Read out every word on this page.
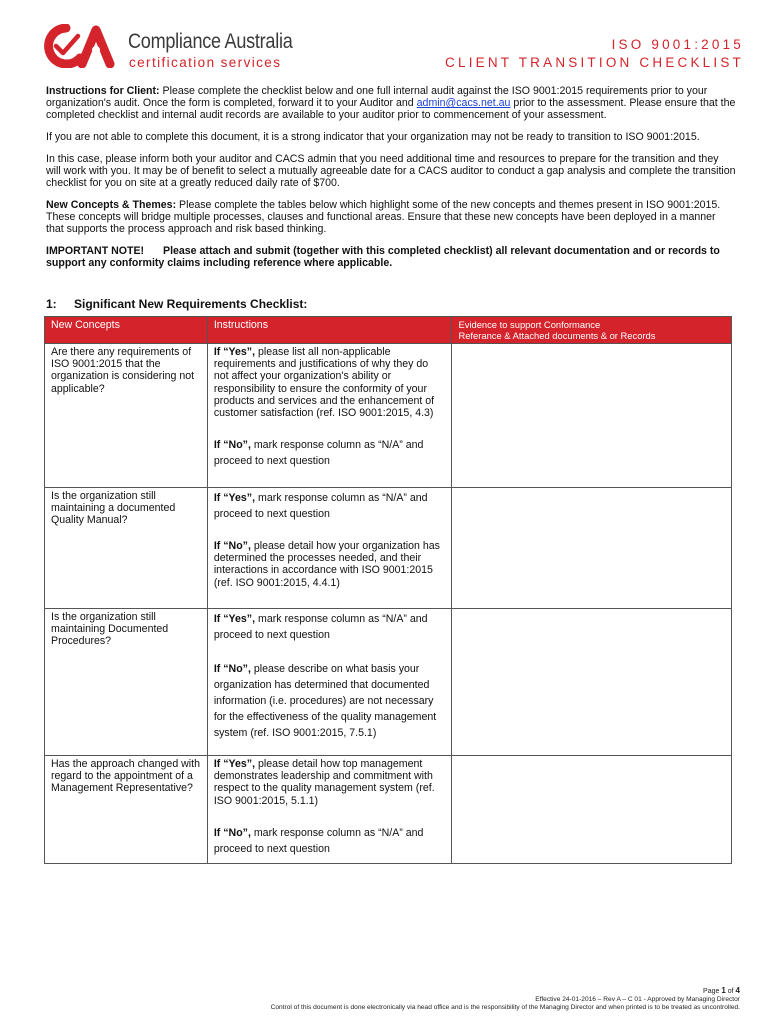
Compliance Australia
certification services
ISO 9001:2015
CLIENT TRANSITION CHECKLIST

Instructions for Client: Please complete the checklist below and one full internal audit against the ISO 9001:2015 requirements prior to your organization's audit. Once the form is completed, forward it to your Auditor and admin@cacs.net.au prior to the assessment. Please ensure that the completed checklist and internal audit records are available to your auditor prior to commencement of your assessment.

If you are not able to complete this document, it is a strong indicator that your organization may not be ready to transition to ISO 9001:2015.

In this case, please inform both your auditor and CACS admin that you need additional time and resources to prepare for the transition and they will work with you. It may be of benefit to select a mutually agreeable date for a CACS auditor to conduct a gap analysis and complete the transition checklist for you on site at a greatly reduced daily rate of $700.

New Concepts & Themes: Please complete the tables below which highlight some of the new concepts and themes present in ISO 9001:2015. These concepts will bridge multiple processes, clauses and functional areas. Ensure that these new concepts have been deployed in a manner that supports the process approach and risk based thinking.

IMPORTANT NOTE! Please attach and submit (together with this completed checklist) all relevant documentation and or records to support any conformity claims including reference where applicable.

1: Significant New Requirements Checklist:
New Concepts	Instructions	Evidence to support Conformance
Referance & Attached documents & or Records

Are there any requirements of ISO 9001:2015 that the organization is considering not applicable?	If “Yes”, please list all non-applicable requirements and justifications of why they do not affect your organization's ability or responsibility to ensure the conformity of your products and services and the enhancement of customer satisfaction (ref. ISO 9001:2015, 4.3)

If “No”, mark response column as “N/A” and proceed to next question	

Is the organization still maintaining a documented Quality Manual?	If “Yes”, mark response column as “N/A” and proceed to next question

If “No”, please detail how your organization has determined the processes needed, and their interactions in accordance with ISO 9001:2015 (ref. ISO 9001:2015, 4.4.1)	

Is the organization still maintaining Documented Procedures?	If “Yes”, mark response column as “N/A” and proceed to next question

If “No”, please describe on what basis your organization has determined that documented information (i.e. procedures) are not necessary for the effectiveness of the quality management system (ref. ISO 9001:2015, 7.5.1)	

Has the approach changed with regard to the appointment of a Management Representative?	If “Yes”, please detail how top management demonstrates leadership and commitment with respect to the quality management system (ref. ISO 9001:2015, 5.1.1)

If “No”, mark response column as “N/A” and proceed to next question	

Page 1 of 4
Effective 24-01-2016 – Rev A – C 01 - Approved by Managing Director
Control of this document is done electronically via head office and is the responsibility of the Managing Director and when printed is to be treated as uncontrolled.
